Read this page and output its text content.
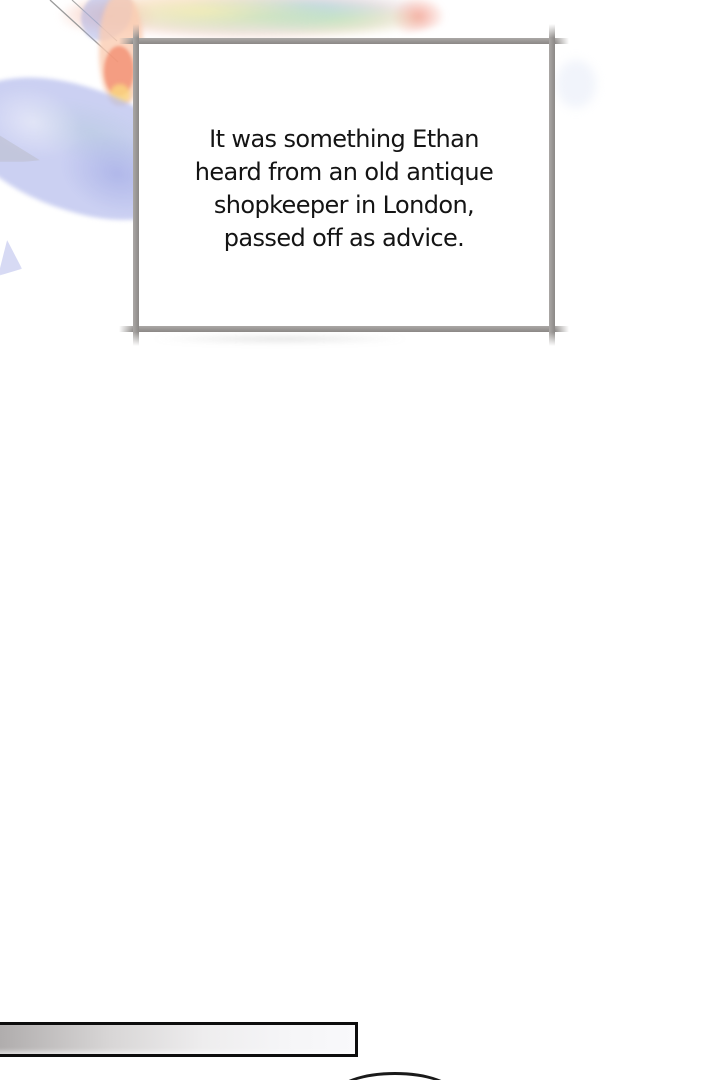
It was something Ethan
heard from an old antique
shopkeeper in London,
passed off as advice.
